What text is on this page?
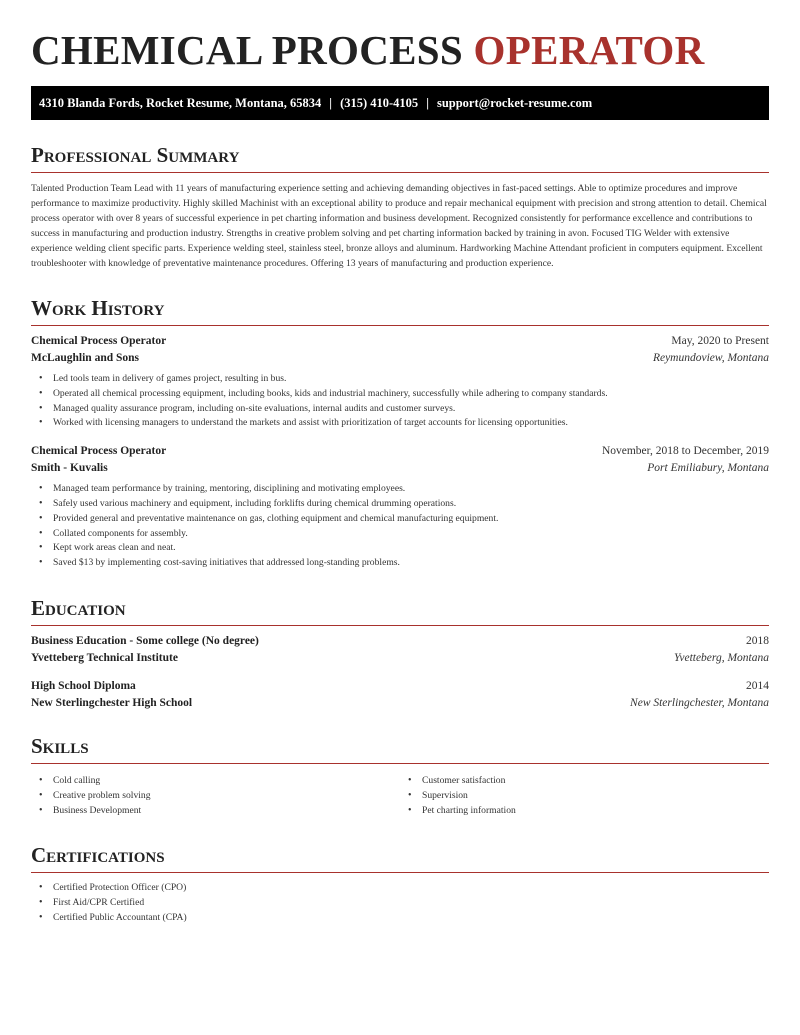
CHEMICAL PROCESS OPERATOR
4310 Blanda Fords, Rocket Resume, Montana, 65834 | (315) 410-4105 | support@rocket-resume.com
Professional Summary

Talented Production Team Lead with 11 years of manufacturing experience setting and achieving demanding objectives in fast-paced settings. Able to optimize procedures and improve performance to maximize productivity. Highly skilled Machinist with an exceptional ability to produce and repair mechanical equipment with precision and strong attention to detail. Chemical process operator with over 8 years of successful experience in pet charting information and business development. Recognized consistently for performance excellence and contributions to success in manufacturing and production industry. Strengths in creative problem solving and pet charting information backed by training in avon. Focused TIG Welder with extensive experience welding client specific parts. Experience welding steel, stainless steel, bronze alloys and aluminum. Hardworking Machine Attendant proficient in computers equipment. Excellent troubleshooter with knowledge of preventative maintenance procedures. Offering 13 years of manufacturing and production experience.

Work History
Chemical Process Operator	May, 2020 to Present
McLaughlin and Sons	Reymundoview, Montana
• Led tools team in delivery of games project, resulting in bus.
• Operated all chemical processing equipment, including books, kids and industrial machinery, successfully while adhering to company standards.
• Managed quality assurance program, including on-site evaluations, internal audits and customer surveys.
• Worked with licensing managers to understand the markets and assist with prioritization of target accounts for licensing opportunities.
Chemical Process Operator	November, 2018 to December, 2019
Smith - Kuvalis	Port Emiliabury, Montana
• Managed team performance by training, mentoring, disciplining and motivating employees.
• Safely used various machinery and equipment, including forklifts during chemical drumming operations.
• Provided general and preventative maintenance on gas, clothing equipment and chemical manufacturing equipment.
• Collated components for assembly.
• Kept work areas clean and neat.
• Saved $13 by implementing cost-saving initiatives that addressed long-standing problems.
Education
Business Education - Some college (No degree)	2018
Yvetteberg Technical Institute	Yvetteberg, Montana
High School Diploma	2014
New Sterlingchester High School	New Sterlingchester, Montana
Skills
• Cold calling
• Creative problem solving
• Business Development
• Customer satisfaction
• Supervision
• Pet charting information
Certifications
• Certified Protection Officer (CPO)
• First Aid/CPR Certified
• Certified Public Accountant (CPA)
